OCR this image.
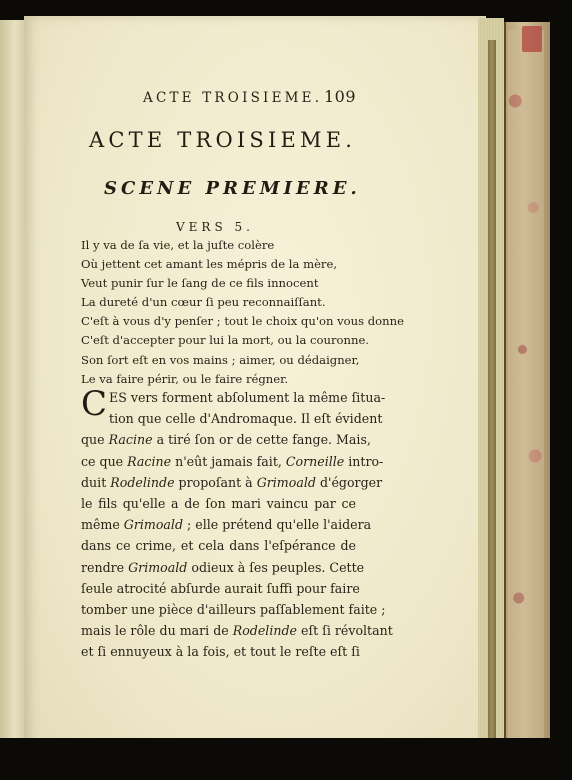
ACTE TROISIEME. 109
ACTE TROISIEME.
SCENE PREMIERE.
VERS 5.
Il y va de ſa vie, et la juſte colère
Où jettent cet amant les mépris de la mère,
Veut punir ſur le ſang de ce fils innocent
La dureté d'un cœur ſi peu reconnaiſſant.
C'eſt à vous d'y penſer ; tout le choix qu'on vous donne
C'eſt d'accepter pour lui la mort, ou la couronne.
Son ſort eſt en vos mains ; aimer, ou dédaigner,
Le va faire périr, ou le faire régner.
C ES vers forment abſolument la même ſitua-
tion que celle d'Andromaque. Il eſt évident
que Racine a tiré ſon or de cette fange. Mais,
ce que Racine n'eût jamais fait, Corneille intro-
duit Rodelinde propoſant à Grimoald d'égorger
le fils qu'elle a de ſon mari vaincu par ce
même Grimoald ; elle prétend qu'elle l'aidera
dans ce crime, et cela dans l'eſpérance de
rendre Grimoald odieux à ſes peuples. Cette
ſeule atrocité abſurde aurait ſuffi pour faire
tomber une pièce d'ailleurs paſſablement faite ;
mais le rôle du mari de Rodelinde eſt ſi révoltant
et ſi ennuyeux à la fois, et tout le reſte eſt ſi
